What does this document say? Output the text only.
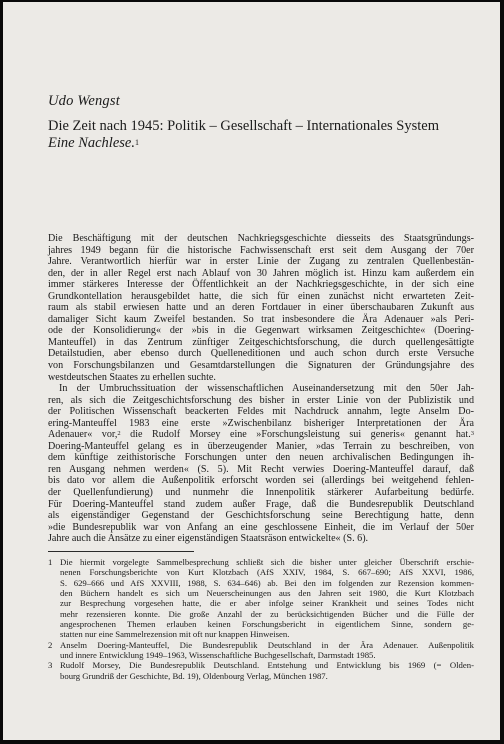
Udo Wengst
Die Zeit nach 1945: Politik – Gesellschaft – Internationales System
Eine Nachlese.$^1$
Die Beschäftigung mit der deutschen Nachkriegsgeschichte diesseits des Staatsgründungs-
jahres 1949 begann für die historische Fachwissenschaft erst seit dem Ausgang der 70er
Jahre. Verantwortlich hierfür war in erster Linie der Zugang zu zentralen Quellenbestän-
den, der in aller Regel erst nach Ablauf von 30 Jahren möglich ist. Hinzu kam außerdem ein
immer stärkeres Interesse der Öffentlichkeit an der Nachkriegsgeschichte, in der sich eine
Grundkontellation herausgebildet hatte, die sich für einen zunächst nicht erwarteten Zeit-
raum als stabil erwiesen hatte und an deren Fortdauer in einer überschaubaren Zukunft aus
damaliger Sicht kaum Zweifel bestanden. So trat insbesondere die Ära Adenauer »als Peri-
ode der Konsolidierung« der »bis in die Gegenwart wirksamen Zeitgeschichte« (Doering-
Manteuffel) in das Zentrum zünftiger Zeitgeschichtsforschung, die durch quellengesättigte
Detailstudien, aber ebenso durch Quelleneditionen und auch schon durch erste Versuche
von Forschungsbilanzen und Gesamtdarstellungen die Signaturen der Gründungsjahre des
westdeutschen Staates zu erhellen suchte.
In der Umbruchssituation der wissenschaftlichen Auseinandersetzung mit den 50er Jah-
ren, als sich die Zeitgeschichtsforschung des bisher in erster Linie von der Publizistik und
der Politischen Wissenschaft beackerten Feldes mit Nachdruck annahm, legte Anselm Do-
ering-Manteuffel 1983 eine erste »Zwischenbilanz bisheriger Interpretationen der Ära
Adenauer« vor,$^2$ die Rudolf Morsey eine »Forschungsleistung sui generis« genannt hat.$^3$
Doering-Manteuffel gelang es in überzeugender Manier, »das Terrain zu beschreiben, von
dem künftige zeithistorische Forschungen unter den neuen archivalischen Bedingungen ih-
ren Ausgang nehmen werden« (S. 5). Mit Recht verwies Doering-Manteuffel darauf, daß
bis dato vor allem die Außenpolitik erforscht worden sei (allerdings bei weitgehend fehlen-
der Quellenfundierung) und nunmehr die Innenpolitik stärkerer Aufarbeitung bedürfe.
Für Doering-Manteuffel stand zudem außer Frage, daß die Bundesrepublik Deutschland
als eigenständiger Gegenstand der Geschichtsforschung seine Berechtigung hatte, denn
»die Bundesrepublik war von Anfang an eine geschlossene Einheit, die im Verlauf der 50er
Jahre auch die Ansätze zu einer eigenständigen Staatsräson entwickelte« (S. 6).
1 Die hiermit vorgelegte Sammelbesprechung schließt sich die bisher unter gleicher Überschrift erschie-
nenen Forschungsberichte von Kurt Klotzbach (AfS XXIV, 1984, S. 667–690; AfS XXVI, 1986,
S. 629–666 und AfS XXVIII, 1988, S. 634–646) ab. Bei den im folgenden zur Rezension kommen-
den Büchern handelt es sich um Neuerscheinungen aus den Jahren seit 1980, die Kurt Klotzbach
zur Besprechung vorgesehen hatte, die er aber infolge seiner Krankheit und seines Todes nicht
mehr rezensieren konnte. Die große Anzahl der zu berücksichtigenden Bücher und die Fülle der
angesprochenen Themen erlauben keinen Forschungsbericht in eigentlichem Sinne, sondern ge-
statten nur eine Sammelrezension mit oft nur knappen Hinweisen.
2 Anselm Doering-Manteuffel, Die Bundesrepublik Deutschland in der Ära Adenauer. Außenpolitik
und innere Entwicklung 1949–1963, Wissenschaftliche Buchgesellschaft, Darmstadt 1985.
3 Rudolf Morsey, Die Bundesrepublik Deutschland. Entstehung und Entwicklung bis 1969 (= Olden-
bourg Grundriß der Geschichte, Bd. 19), Oldenbourg Verlag, München 1987.
